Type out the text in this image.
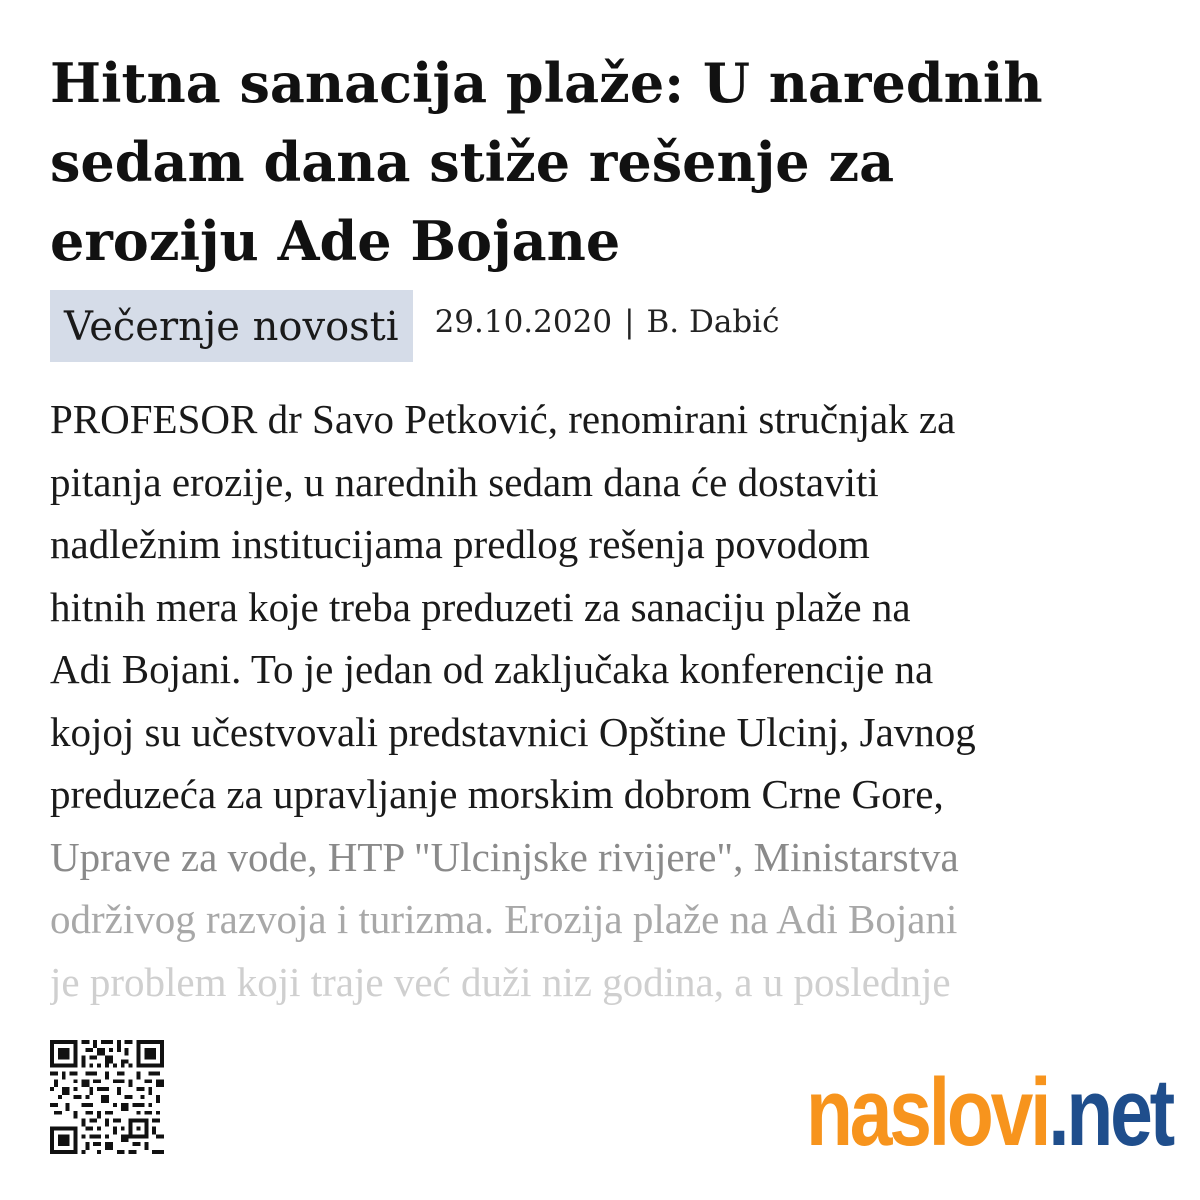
Hitna sanacija plaže: U narednih
sedam dana stiže rešenje za
eroziju Ade Bojane
Večernje novosti	29.10.2020 | B. Dabić
PROFESOR dr Savo Petković, renomirani stručnjak za
pitanja erozije, u narednih sedam dana će dostaviti
nadležnim institucijama predlog rešenja povodom
hitnih mera koje treba preduzeti za sanaciju plaže na
Adi Bojani. To je jedan od zaključaka konferencije na
kojoj su učestvovali predstavnici Opštine Ulcinj, Javnog
preduzeća za upravljanje morskim dobrom Crne Gore,
Uprave za vode, HTP "Ulcinjske rivijere", Ministarstva
održivog razvoja i turizma. Erozija plaže na Adi Bojani
je problem koji traje već duži niz godina, a u poslednje
naslovi .net
